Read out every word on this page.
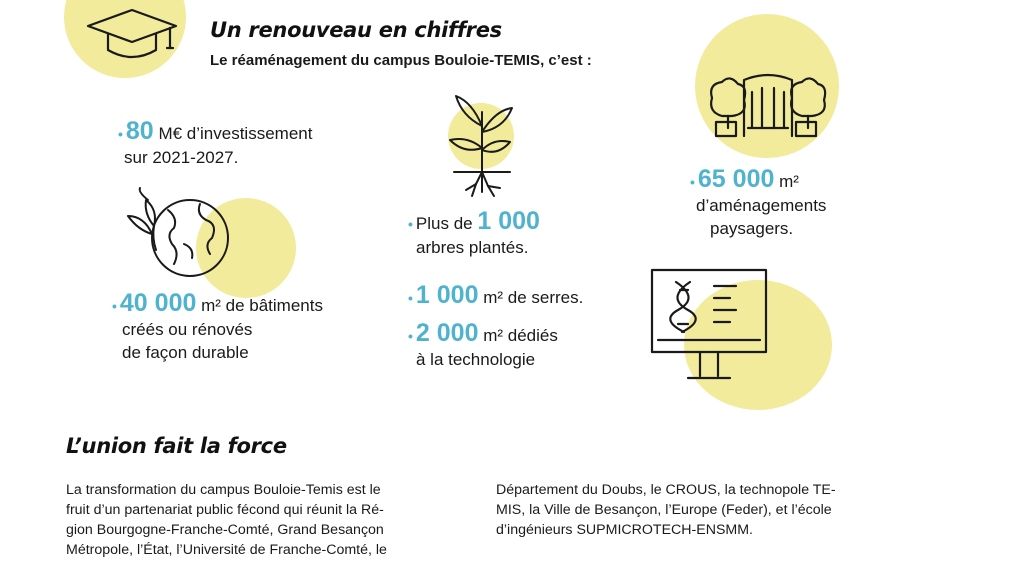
Un renouveau en chiffres
Le réaménagement du campus Bouloie-TEMIS, c’est :
• 80 M€ d’investissement
sur 2021-2027.
• 40 000 m² de bâtiments
créés ou rénovés
de façon durable
• Plus de 1 000
arbres plantés.
• 1 000 m² de serres.
• 2 000 m² dédiés
à la technologie
• 65 000 m²
d’aménagements
paysagers.
L’union fait la force
La transformation du campus Bouloie-Temis est le
fruit d’un partenariat public fécond qui réunit la Ré-
gion Bourgogne-Franche-Comté, Grand Besançon
Métropole, l’État, l’Université de Franche-Comté, le
Département du Doubs, le CROUS, la technopole TE-
MIS, la Ville de Besançon, l’Europe (Feder), et l’école
d’ingénieurs SUPMICROTECH-ENSMM.
